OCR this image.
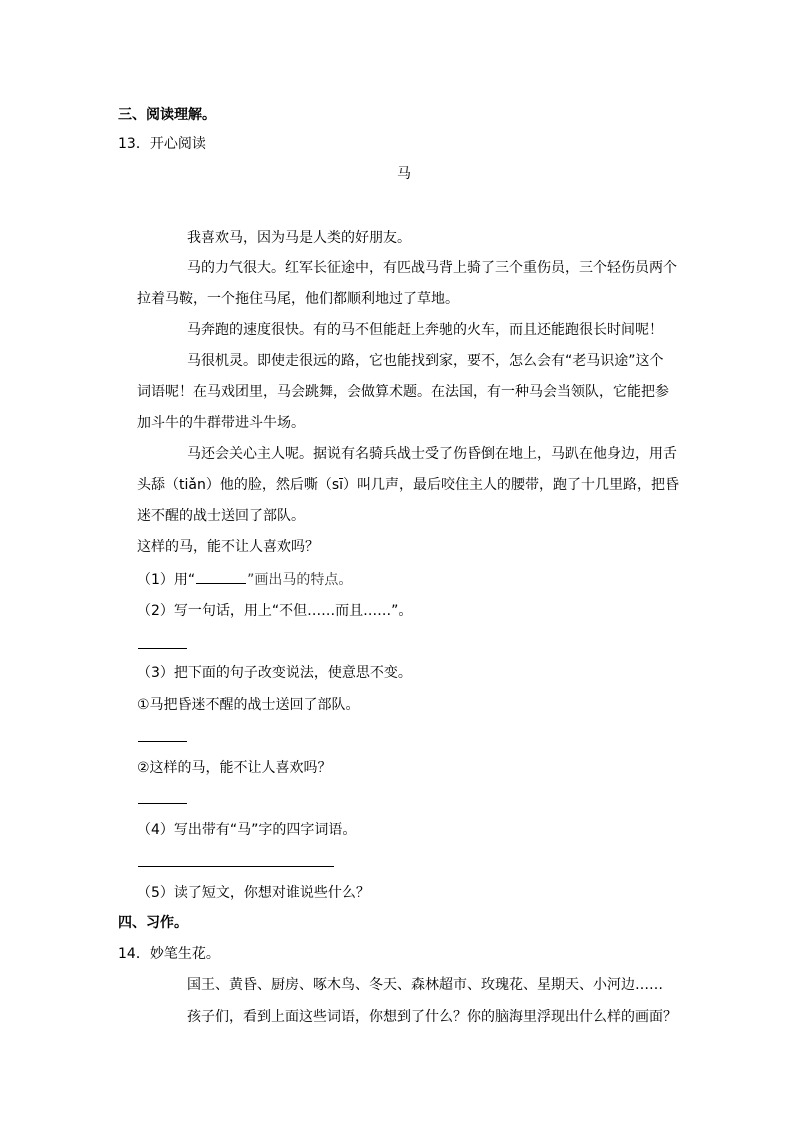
三、阅读理解。
13．开心阅读
马
我喜欢马，因为马是人类的好朋友。
马的力气很大。红军长征途中，有匹战马背上骑了三个重伤员，三个轻伤员两个
拉着马鞍，一个拖住马尾，他们都顺利地过了草地。
马奔跑的速度很快。有的马不但能赶上奔驰的火车，而且还能跑很长时间呢！
马很机灵。即使走很远的路，它也能找到家，要不，怎么会有“老马识途”这个
词语呢！在马戏团里，马会跳舞，会做算术题。在法国，有一种马会当领队，它能把参
加斗牛的牛群带进斗牛场。
马还会关心主人呢。据说有名骑兵战士受了伤昏倒在地上，马趴在他身边，用舌
头舔（tiǎn）他的脸，然后嘶（sī）叫几声，最后咬住主人的腰带，跑了十几里路，把昏
迷不醒的战士送回了部队。
这样的马，能不让人喜欢吗？
（1）用“	”画出马的特点。
（2）写一句话，用上“不但……而且……”。
（3）把下面的句子改变说法，使意思不变。
①马把昏迷不醒的战士送回了部队。
②这样的马，能不让人喜欢吗？
（4）写出带有“马”字的四字词语。
（5）读了短文，你想对谁说些什么？
四、习作。
14．妙笔生花。
国王、黄昏、厨房、啄木鸟、冬天、森林超市、玫瑰花、星期天、小河边……
孩子们，看到上面这些词语，你想到了什么？你的脑海里浮现出什么样的画面？
